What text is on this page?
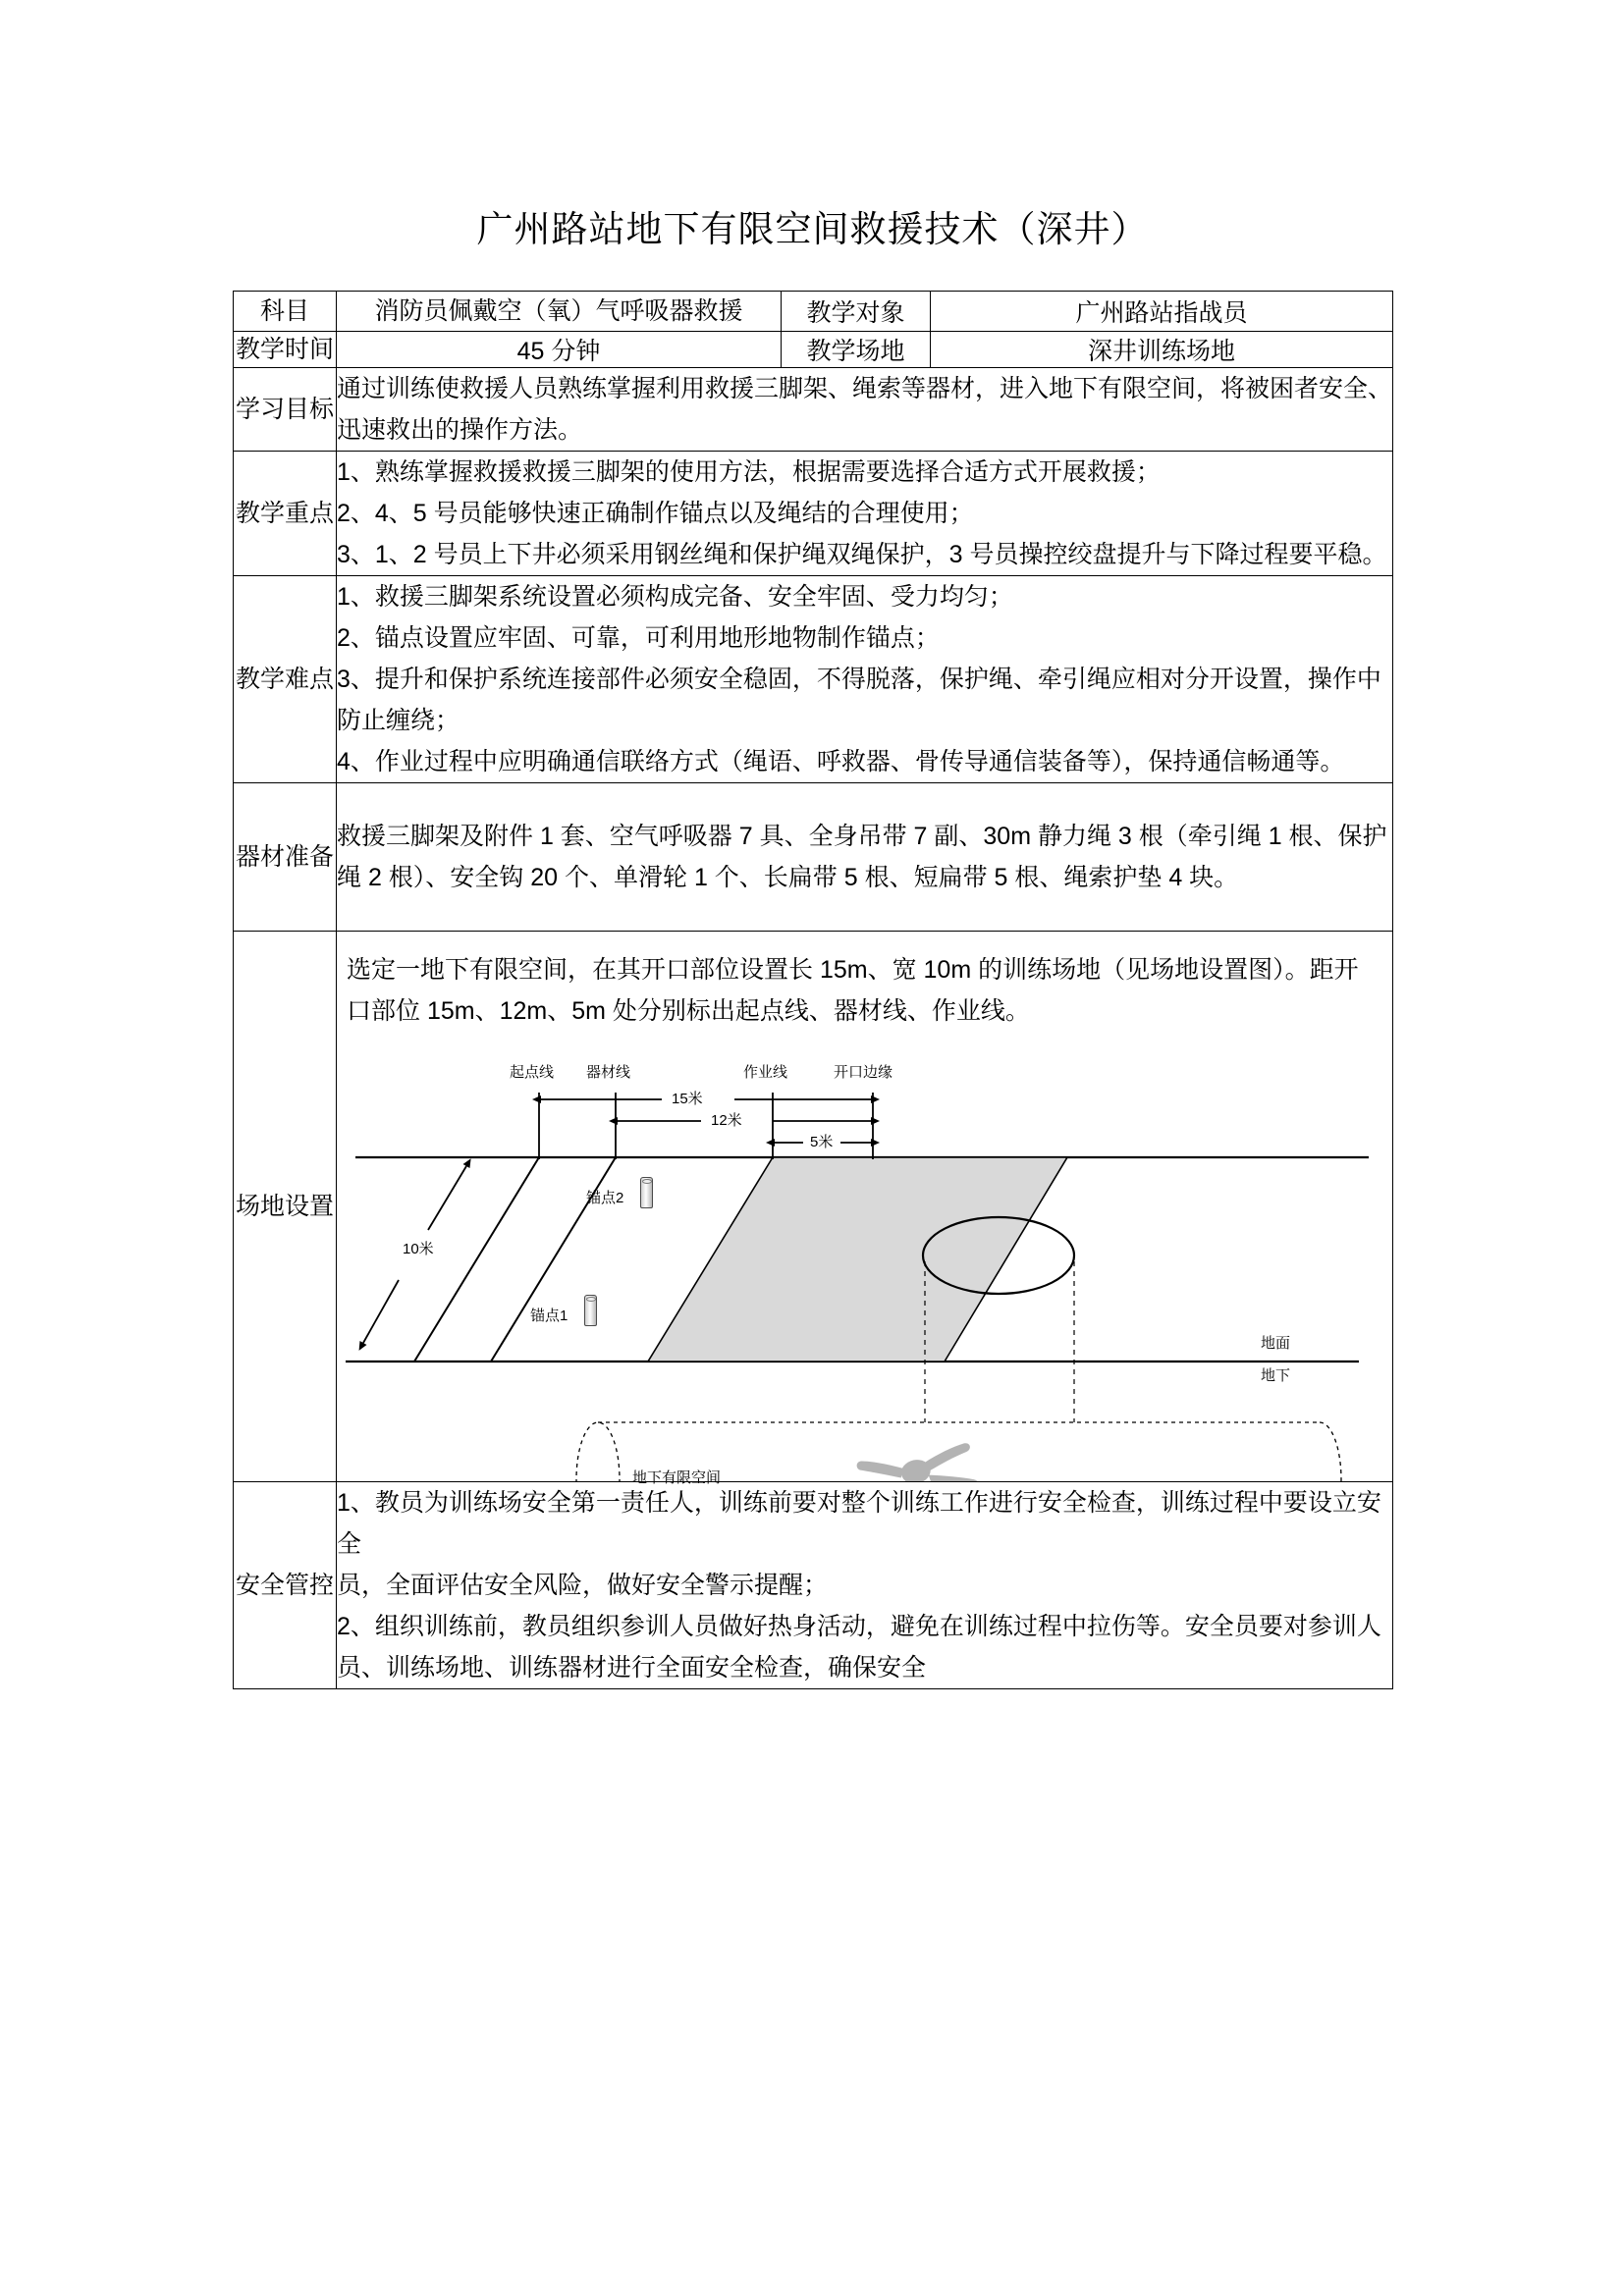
广州路站地下有限空间救援技术（深井）
科目	消防员佩戴空（氧）气呼吸器救援	教学对象	广州路站指战员
教学时间	45 分钟	教学场地	深井训练场地
学习目标	通过训练使救援人员熟练掌握利用救援三脚架、绳索等器材，进入地下有限空间，将被困者安全、迅速救出的操作方法。		
教学重点	1、熟练掌握救援救援三脚架的使用方法，根据需要选择合适方式开展救援；

2、4、5 号员能够快速正确制作锚点以及绳结的合理使用；

3、1、2 号员上下井必须采用钢丝绳和保护绳双绳保护，3 号员操控绞盘提升与下降过程要平稳。		

教学难点	1、救援三脚架系统设置必须构成完备、安全牢固、受力均匀；

2、锚点设置应牢固、可靠，可利用地形地物制作锚点；

3、提升和保护系统连接部件必须安全稳固，不得脱落，保护绳、牵引绳应相对分开设置，操作中防止缠绕；

4、作业过程中应明确通信联络方式（绳语、呼救器、骨传导通信装备等），保持通信畅通等。		

器材准备	救援三脚架及附件 1 套、空气呼吸器 7 具、全身吊带 7 副、30m 静力绳 3 根（牵引绳 1 根、保护绳 2 根）、安全钩 20 个、单滑轮 1 个、长扁带 5 根、短扁带 5 根、绳索护垫 4 块。		
场地设置	

选定一地下有限空间，在其开口部位设置长 15m、宽 10m 的训练场地（见场地设置图）。距开口部位 15m、12m、5m 处分别标出起点线、器材线、作业线。

起点线 器材线	作业线	开口边缘
15米
12米
5米
10米
锚点2
锚点1
地面
地下
地下有限空间

安全管控	1、教员为训练场安全第一责任人，训练前要对整个训练工作进行安全检查，训练过程中要设立安全

员，全面评估安全风险，做好安全警示提醒；

2、组织训练前，教员组织参训人员做好热身活动，避免在训练过程中拉伤等。安全员要对参训人员、训练场地、训练器材进行全面安全检查，确保安全		
